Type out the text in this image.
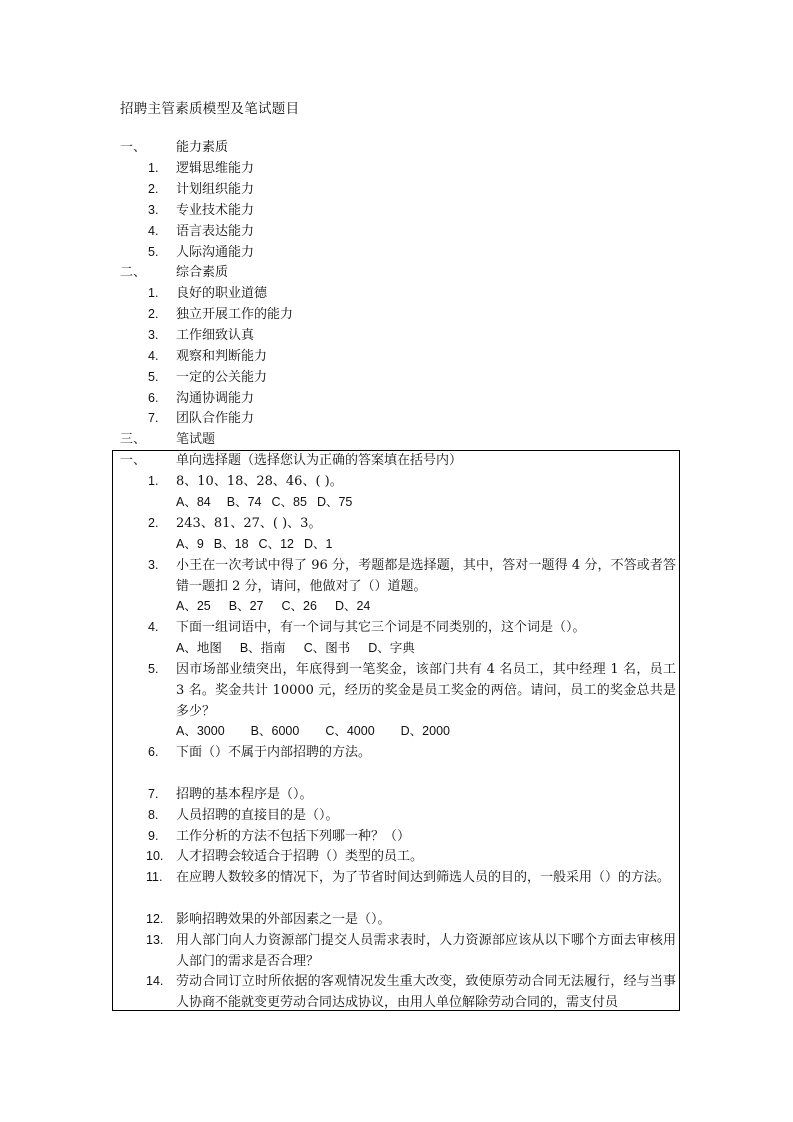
招聘主管素质模型及笔试题目
一、 能力素质
1. 逻辑思维能力
2. 计划组织能力
3. 专业技术能力
4. 语言表达能力
5. 人际沟通能力
二、 综合素质
1. 良好的职业道德
2. 独立开展工作的能力
3. 工作细致认真
4. 观察和判断能力
5. 一定的公关能力
6. 沟通协调能力
7. 团队合作能力
三、 笔试题
一、 单向选择题（选择您认为正确的答案填在括号内）
1. 8、10、18、28、46、( )。
A、84 B、74 C、85 D、75
2. 243、81、27、( )、3。
A、9 B、18 C、12 D、1
3. 小王在一次考试中得了 96 分，考题都是选择题，其中，答对一题得 4 分，不答或者答错一题扣 2 分，请问，他做对了（）道题。
A、25 B、27 C、26 D、24
4. 下面一组词语中，有一个词与其它三个词是不同类别的，这个词是（）。
A、地图 B、指南 C、图书 D、字典
5. 因市场部业绩突出，年底得到一笔奖金，该部门共有 4 名员工，其中经理 1 名，员工 3 名。奖金共计 10000 元，经历的奖金是员工奖金的两倍。请问，员工的奖金总共是多少？
A、3000 B、6000 C、4000 D、2000
6. 下面（）不属于内部招聘的方法。
7. 招聘的基本程序是（）。
8. 人员招聘的直接目的是（）。
9. 工作分析的方法不包括下列哪一种？（）
10. 人才招聘会较适合于招聘（）类型的员工。
11. 在应聘人数较多的情况下，为了节省时间达到筛选人员的目的，一般采用（）的方法。
12. 影响招聘效果的外部因素之一是（）。
13. 用人部门向人力资源部门提交人员需求表时，人力资源部应该从以下哪个方面去审核用人部门的需求是否合理？
14. 劳动合同订立时所依据的客观情况发生重大改变，致使原劳动合同无法履行，经与当事人协商不能就变更劳动合同达成协议，由用人单位解除劳动合同的，需支付员
